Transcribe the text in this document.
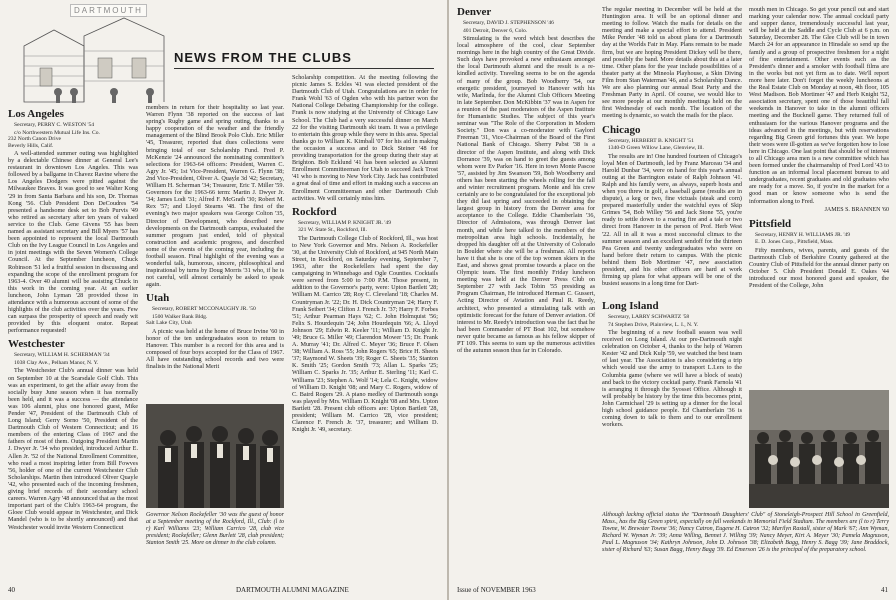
DARTMOUTH
NEWS FROM THE CLUBS
Los Angeles

Secretary, PERRY C. WESTON '54

c/o Northwestern Mutual Life Ins. Co.
232 North Canon Drive
Beverly Hills, Calif.

A well-attended summer outing was highlighted by a delectable Chinese dinner at General Lee's restaurant in downtown Los Angeles. This was followed by a ballgame in Chavez Ravine where the Los Angeles Dodgers were pitted against the Milwaukee Braves. It was good to see Walter Kong '29 in from Santa Barbara and his son, Dr. Thomas Kong '56. Club President Don DeCoudres '54 presented a handsome desk set to Bob Purvis '49 who retired as secretary after ten years of valued service to the Club. Gene Givens '55 has been named as assistant secretary and Bill Myers '57 has been appointed to represent the local Dartmouth Club on the Ivy League Council in Los Angeles and in joint meetings with the Seven Women's College Council. At the September luncheon, Chuck Robinson '51 led a fruitful session in discussing and expanding the scope of the enrollment program for 1963-4. Over 40 alumni will be assisting Chuck in this work in the coming year. At an earlier luncheon, John Lyman '28 provided those in attendance with a humorous account of some of the highlights of the club activities over the years. Few can surpass the prosperity of speech and ready wit provided by this eloquent orator. Repeat performance requested!

Westchester

Secretary, WILLIAM H. SCHERMAN '34

1038 Clay Ave., Pelham Manor, N. Y.

The Westchester Club's annual dinner was held on September 10 at the Scarsdale Golf Club. This was an experiment, to get the affair away from the socially busy June season when it has normally been held, and it was a success — the attendance was 106 alumni, plus one honored guest, Mike Pender '47, President of the Dartmouth Club of Long Island; Gerry Sorno '50, President of the Dartmouth Club of Western Connecticut; and 16 members of the entering Class of 1967 and the fathers of most of them. Outgoing President Martin J. Dwyer Jr. '34 who presided, introduced Arthur E. Allen Jr. '52 of the National Enrollment Committee, who read a most inspiring letter from Bill Fowves '56, holder of one of the current Westchester Club Scholarships. Martin then introduced Oliver Quayle '42, who presented each of the incoming freshmen, giving brief records of their secondary school careers. Warren Agry '48 announced that as the most important part of the Club's 1963-64 program, the Gloee Club would appear in Westchester, and Dick Mandel (who is to be shortly announced) and that Westchester would invite Western Connecticut

members in return for their hospitality so last year. Warren Flynn '38 reported on the success of last spring's Rugby game and spring outing, thanks to a happy cooperation of the weather and the friendly management of the Blind Brook Polo Club. Eric Miller '45, Treasurer, reported that dues collections were bringing total of our Scholarship Fund. Fred P. McKenzie '24 announced the nominating committee's selections for 1963-64 officers: President, Warren C. Agry Jr. '45; 1st Vice-President, Warren G. Flynn '38; 2nd Vice-President, Oliver A. Quayle 3d '42; Secretary, William H. Scherman '34; Treasurer, Eric T. Miller '59. Governors for the 1963-66 term: Martin J. Dwyer Jr. '34; James Lodi '31; Alfred F. McGrath '30; Robert M. Rex '57; and Lloyd Stearns '48. The first of the evening's two major speakers was George Colton '35, Director of Development, who described new developments on the Dartmouth campus, evaluated the summer program just ended, told of physical construction and academic progress, and described some of the events of the coming year, including the football season. Final highlight of the evening was a wonderful talk, humorous, sincere, philosophical and inspirational by turns by Doug Morris '31 who, if he is not careful, will almost certainly be asked to speak again.

Utah

Secretary, ROBERT MCCONAUGHY JR. '50

1500 Walker Bank Bldg.
Salt Lake City, Utah

A picnic was held at the home of Bruce Irvine '60 in honor of the ten undergraduates soon to return to Hanover. This number is a record for this area and is composed of four boys accepted for the Class of 1967. All have outstanding school records and two were finalists in the National Merit

Governor Nelson Rockefeller '30 was the guest of honor at a September meeting of the Rockford, Ill., Club: (l to r) Karl Williams '23; William Carrico '28, club vice president; Rockefeller; Glenn Burlett '28, club president; Stanton Smith '25. More on dinner in the club column.

Scholarship competition. At the meeting following the picnic James S. Eckles '41 was elected president of the Dartmouth Club of Utah. Congratulations are in order for Frank Wohl '63 of Ogden who with his partner won the National College Debating Championship for the college. Frank is now studying at the University of Chicago Law School. The Club had a very successful dinner on March 22 for the visiting Dartmouth ski team. It was a privilege to entertain this group while they were in this area. Special thanks go to William K. Kimball '07 for his aid in making the occasion a success and to Dick Steiner '48 for providing transportation for the group during their stay at Brighton. Bob Ecklund '41 has been selected as Alumni Enrollment Committeeman for Utah to succeed Jack Trost '41 who is moving to New York City. Jack has contributed a great deal of time and effort in making such a success an Enrollment Committeeman and other Dartmouth Club activities. We will certainly miss him.

Rockford

Secretary, WILLIAM P. KNIGHT JR. '49

321 W. State St., Rockford, Ill.

The Dartmouth College Club of Rockford, Ill., was host to New York Governor and Mrs. Nelson A. Rockefeller '30, at the University Club of Rockford, at 945 North Main Street, in Rockford, on Saturday evening, September 7, 1963, after the Rockefellers had spent the day campaigning in Winnebago and Ogle Counties. Cocktails were served from 5:00 to 7:00 P.M. Those present, in addition to the Governor's party, were: Upton Bartlett '28; William M. Carrico '28; Roy C. Cleveland '18; Charles M. Countryman Jr. '22; Dr. H. Dick Countryman '24; Harry F. Frank Seibert '34; Clifton J. French Jr. '37; Harry F. Forbes '51; Arthur Pearman Hays '62; C. John Holmquist '56; Felix S. Hourdequin '24; John Hourdequin '66; A. Lloyd Johnson '29; Edwin R. Keeler '11; William D. Knight Jr. '49; Bruce G. Miller '49; Clarendon Mower '15; Dr. Frank A. Murray '41; Dr. Alfred C. Meyer '36; Bruce F. Olsen '38; William A. Ross '55; John Rogers '65; Brice H. Sheets '37; Raymond W. Sheets '39; Roger C. Sheets '35; Stanton K. Smith '25; Gordon Smith '73; Allan L. Sparks '25; William C. Sparks Jr. '35; Arthur E. Sterling '11; Karl C. Williams '23; Stephen A. Wolf '14; Lela C. Knight, widow of William D. Knight '08; and Mary C. Rogers, widow of C. Baird Rogers '29. A piano medley of Dartmouth songs was played by Mrs. William D. Knight '08 and Mrs. Upton Bartlett '28. Present club officers are: Upton Bartlett '28, president; William M. Carrico '28, vice president; Clarence F. French Jr. '37, treasurer; and William D. Knight Jr. '49, secretary.

40	DARTMOUTH ALUMNI MAGAZINE
Denver

Secretary, DAVID J. STEPHENSON '46

401 Detroit, Denver 6, Colo.

Stimulating is the word which best describes the local atmosphere of the cool, clear September mornings here in the high country of the Great Divide. Such days have provoked a new enthusiasm amongst the local Dartmouth alumni and the result is a re-kindled activity. Traveling seems to be on the agenda of many of the group. Bob Woodberry '54, our energetic president, journeyed to Hanover with his wife, Marlinda, for the Alumni Club Officers Meeting in late September. Don McKibbin '37 was in Aspen for a reunion of the past moderators of the Aspen Institute for Humanistic Studies. The subject of this year's seminar was "The Role of the Corporation in Modern Society." Don was a co-moderator with Gaylord Freeman '31, Vice-Chairman of the Board of the First National Bank of Chicago. Sherry Pabst '38 is a director of the Aspen Institute, and along with Dick Dorrance '39, was on hand to greet the guests among whom were Ev Parker '16. Here in town Monte Pascoe '57, assisted by Jim Swanson '59, Bob Woodberry and others has been starting the wheels rolling for the fall and winter recruitment program. Monte and his crew certainly are to be congratulated for the exceptional job they did last spring and succeeded in obtaining the largest group in history from the Denver area for acceptance to the College. Eddie Chamberlain '36, Director of Admissions, was through Denver last month, and while here talked to the members of the metropolitan area high schools. Incidentally, he dropped his daughter off at the University of Colorado in Boulder where she will be a freshman. All reports have it that she is one of the top women skiers in the East, and shows great promise towards a place on the Olympic team. The first monthly Friday luncheon meeting was held at the Denver Press Club on September 27 with Jack Tobin '55 presiding as Program Chairman, He introduced Herman C. Gussert, Acting Director of Aviation and Paul R. Reedy, architect, who presented a stimulating talk with an optimistic forecast for the future of Denver aviation. Of interest to Mr. Reedy's introduction was the fact that he had been Commander of PT Boat 102, but somehow never quite became as famous as his fellow skipper of PT 109. This seems to sum up the numerous activities of the autumn season thus far in Colorado.

The regular meeting in December will be held at the Huntington area. It will be an optional dinner and meeting to follow. Watch the mails for details on the meeting and make a special effort to attend. President Mike Pender '48 told us about plans for a Dartmouth day at the Worlds Fair in May. Plans remain to be made firm, but we are hoping President Dickey will be there, and possibly the band. More details about this at a later time. Other plans for the year include possibilities of a theater party at the Mineola Playhouse, a Skin Diving Film from Stan Waterman '46, and a Scholarship Dance. We are also planning our annual Boat Party and the Freshman Party in April. Of course, we would like to see more people at our monthly meetings held on the first Wednesday of each month. The location of the meeting is dynamic, so watch the mails for the place.

Chicago

Secretary, HERBERT B. KNIGHT '51

1340-D Green Willow Lane, Glenview, Ill.

The results are in! One hundred fourteen of Chicago's loyal Men of Dartmouth, led by Franz Marceau '34 and Harold Dunbar '34, were on hand for this year's annual outing at the Barrington estate of Ralph Johnson '41. Ralph and his family were, as always, superb hosts and when you threw in golf, a baseball game (results are in dispute), a keg or two, fine victuals (steak and corn) prepared masterfully under the watchful eyes of Skip Grimes '54, Bob Willey '56 and Jack Stone '55, you're ready to settle down to a roaring fire and a tale or two direct from Hanover in the person of Prof. Herb West '22. All in all it was a most successful climax to the summer season and an excellent sendoff for the thirteen Pea Green and twenty undergraduates who were on hand before their return to campus. With the picnic behind them Bob Mortimer '47, new association president, and his other officers are hard at work firming up plans for what appears will be one of the busiest seasons in a long time for Dart-

mouth men in Chicago. So get your pencil out and start marking your calendar now. The annual cocktail party and supper dance, tremendously successful last year, will be held at the Saddle and Cycle Club at 6 p.m. on Saturday, December 28. The Glee Club will be in town March 24 for an appearance in Hinsdale so send up the family and a group of prospective freshmen for a night of fine entertainment. Other events such as the President's dinner and a smoker with football films are in the works but not yet firm as to date. We'll report more here later. Don't forget the weekly luncheons at the Real Estate Club on Monday at noon, 4th floor, 105 West Madison. Bob Mortimer '47 and Herb Knight '52, association secretary, spent one of those beautiful fall weekends in Hanover to take in the alumni officers meeting and the Bucknell game. They returned full of enthusiasm for the various Hanover programs and the ideas advanced in the meetings, but with reservations regarding Big Green grid fortunes this year. We hope their woes were ill-gotten as we've forgotten how to lose here in Chicago. One last point that should be of interest to all Chicago area men is a new committee which has been formed under the chairmanship of Fred Lord '43 to function as an informal local placement bureau to aid undergraduates, recent graduates and old graduates who are ready for a move. So, if you're in the market for a good man or know someone who is send the information along to Fred.

JAMES S. BRANNEN '60
Pittsfield

Secretary, HENRY H. WILLIAMS JR. '49

E. D. Jones Corp., Pittsfield, Mass.

Fifty members, wives, parents, and guests of the Dartmouth Club of Berkshire County gathered at the Country Club of Pittsfield for the annual dinner party on October 5. Club President Donald E. Oakes '44 introduced our most honored guest and speaker, the President of the College, John

Long Island

Secretary, LARRY SCHWARTZ '58

74 Stephen Drive, Plainview, L. I., N. Y.

The beginning of a new football season was well received on Long Island. At our pre-Dartmouth night celebration on October 4, thanks to the help of Warren Kester '42 and Dick Kulp '59, we watched the best team of last year. The Association is also considering a trip which would use the army to transport L.I.ers to the Columbia game (where we will have a block of seats) and back to the victory cocktail party. Frank Farnola '41 is arranging it through the Syosset Office. Although it will probably be history by the time this becomes print, John Carmichael '29 is setting up a dinner for the local high school guidance people. Ed Chamberlain '36 is coming down to talk to them and to our enrollment workers.

Although lacking official status the "Dartmouth Daughters' Club" of Stoneleigh-Prospect Hill School in Greenfield, Mass., has the Big Green spirit, especially on fall weekends in Memorial Field Stadium. The members are (l to r) Terry Towne, W. Brewster Towne '36; Nancy Catron, Eugene H. Catron '32; Marilyn Rastall, sister of Mark '67; Ann Wyman, Richard W. Wyman Jr. '39; Anna Willing, Bennet J. Willing '39; Nancy Meyer, Kirt A. Meyer '30; Pamela Magnuson, Paul L. Magnuson '34; Kathryn Johnson, John D. Johnson '38; Elizabeth Bagg, Henry S. Bagg '39; Jane Braddock, sister of Richard '63; Susan Bagg, Henry Bagg '39. Ed Emerson '26 is the principal of the preparatory school.
Issue of NOVEMBER 1963	41
